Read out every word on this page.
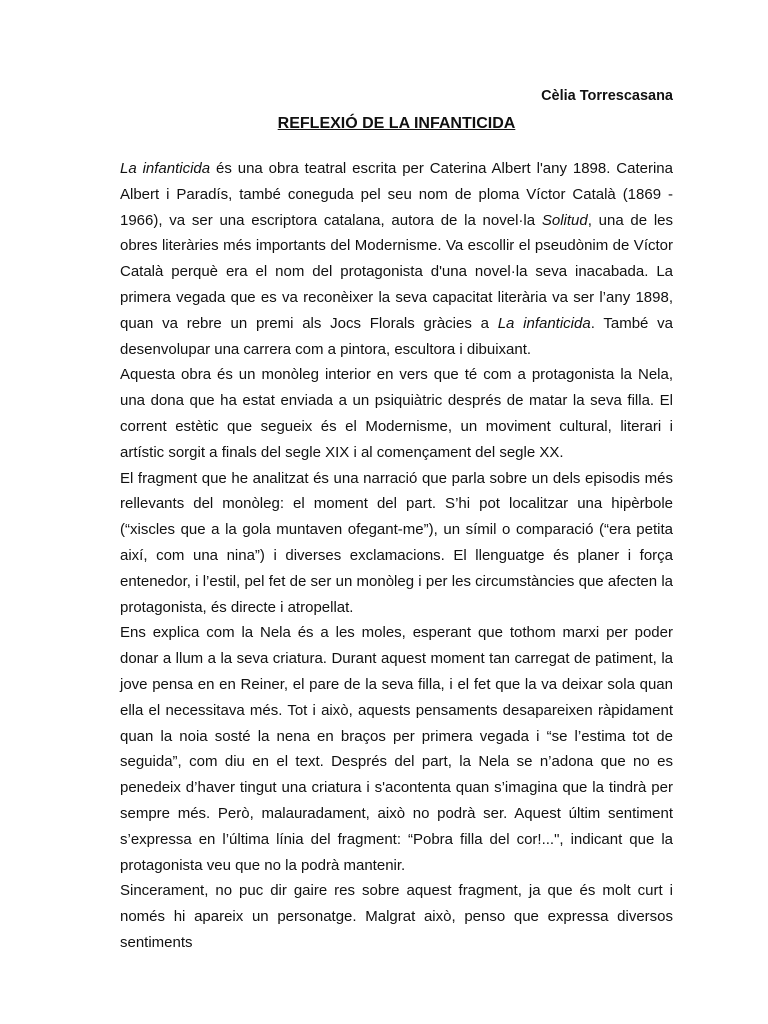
Cèlia Torrescasana

REFLEXIÓ DE LA INFANTICIDA

La infanticida és una obra teatral escrita per Caterina Albert l'any 1898. Caterina Albert i Paradís, també coneguda pel seu nom de ploma Víctor Català (1869 - 1966), va ser una escriptora catalana, autora de la novel·la Solitud, una de les obres literàries més importants del Modernisme. Va escollir el pseudònim de Víctor Català perquè era el nom del protagonista d'una novel·la seva inacabada. La primera vegada que es va reconèixer la seva capacitat literària va ser l’any 1898, quan va rebre un premi als Jocs Florals gràcies a La infanticida. També va desenvolupar una carrera com a pintora, escultora i dibuixant.

Aquesta obra és un monòleg interior en vers que té com a protagonista la Nela, una dona que ha estat enviada a un psiquiàtric després de matar la seva filla. El corrent estètic que segueix és el Modernisme, un moviment cultural, literari i artístic sorgit a finals del segle XIX i al començament del segle XX.

El fragment que he analitzat és una narració que parla sobre un dels episodis més rellevants del monòleg: el moment del part. S’hi pot localitzar una hipèrbole (“xiscles que a la gola muntaven ofegant-me”), un símil o comparació (“era petita així, com una nina”) i diverses exclamacions. El llenguatge és planer i força entenedor, i l’estil, pel fet de ser un monòleg i per les circumstàncies que afecten la protagonista, és directe i atropellat.

Ens explica com la Nela és a les moles, esperant que tothom marxi per poder donar a llum a la seva criatura. Durant aquest moment tan carregat de patiment, la jove pensa en en Reiner, el pare de la seva filla, i el fet que la va deixar sola quan ella el necessitava més. Tot i això, aquests pensaments desapareixen ràpidament quan la noia sosté la nena en braços per primera vegada i “se l’estima tot de seguida”, com diu en el text. Després del part, la Nela se n’adona que no es penedeix d’haver tingut una criatura i s'acontenta quan s’imagina que la tindrà per sempre més. Però, malauradament, això no podrà ser. Aquest últim sentiment s’expressa en l’última línia del fragment: “Pobra filla del cor!...", indicant que la protagonista veu que no la podrà mantenir.

Sincerament, no puc dir gaire res sobre aquest fragment, ja que és molt curt i només hi apareix un personatge. Malgrat això, penso que expressa diversos sentiments
